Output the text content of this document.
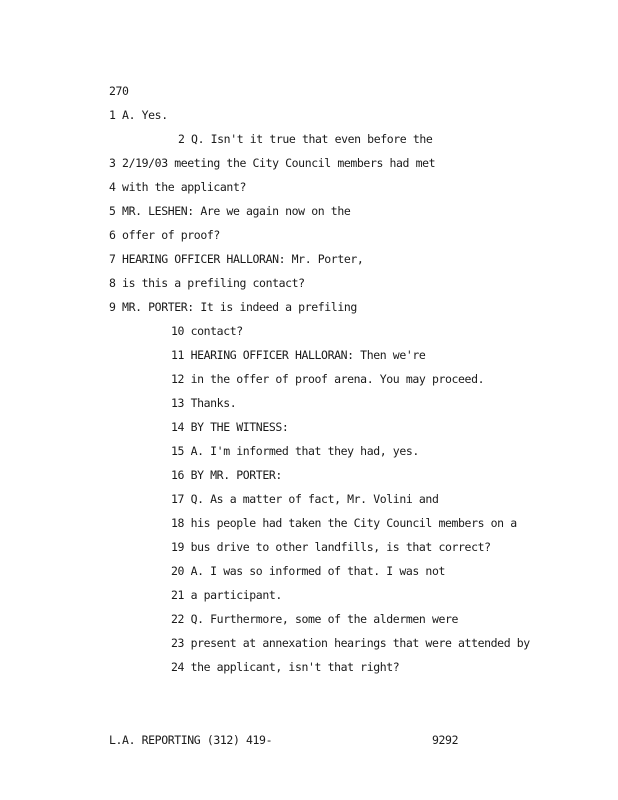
270
1 A. Yes.
2 Q. Isn't it true that even before the
3 2/19/03 meeting the City Council members had met
4 with the applicant?
5 MR. LESHEN: Are we again now on the
6 offer of proof?
7 HEARING OFFICER HALLORAN: Mr. Porter,
8 is this a prefiling contact?
9 MR. PORTER: It is indeed a prefiling
10 contact?
11 HEARING OFFICER HALLORAN: Then we're
12 in the offer of proof arena. You may proceed.
13 Thanks.
14 BY THE WITNESS:
15 A. I'm informed that they had, yes.
16 BY MR. PORTER:
17 Q. As a matter of fact, Mr. Volini and
18 his people had taken the City Council members on a
19 bus drive to other landfills, is that correct?
20 A. I was so informed of that. I was not
21 a participant.
22 Q. Furthermore, some of the aldermen were
23 present at annexation hearings that were attended by
24 the applicant, isn't that right?
L.A. REPORTING (312) 419-	9292
